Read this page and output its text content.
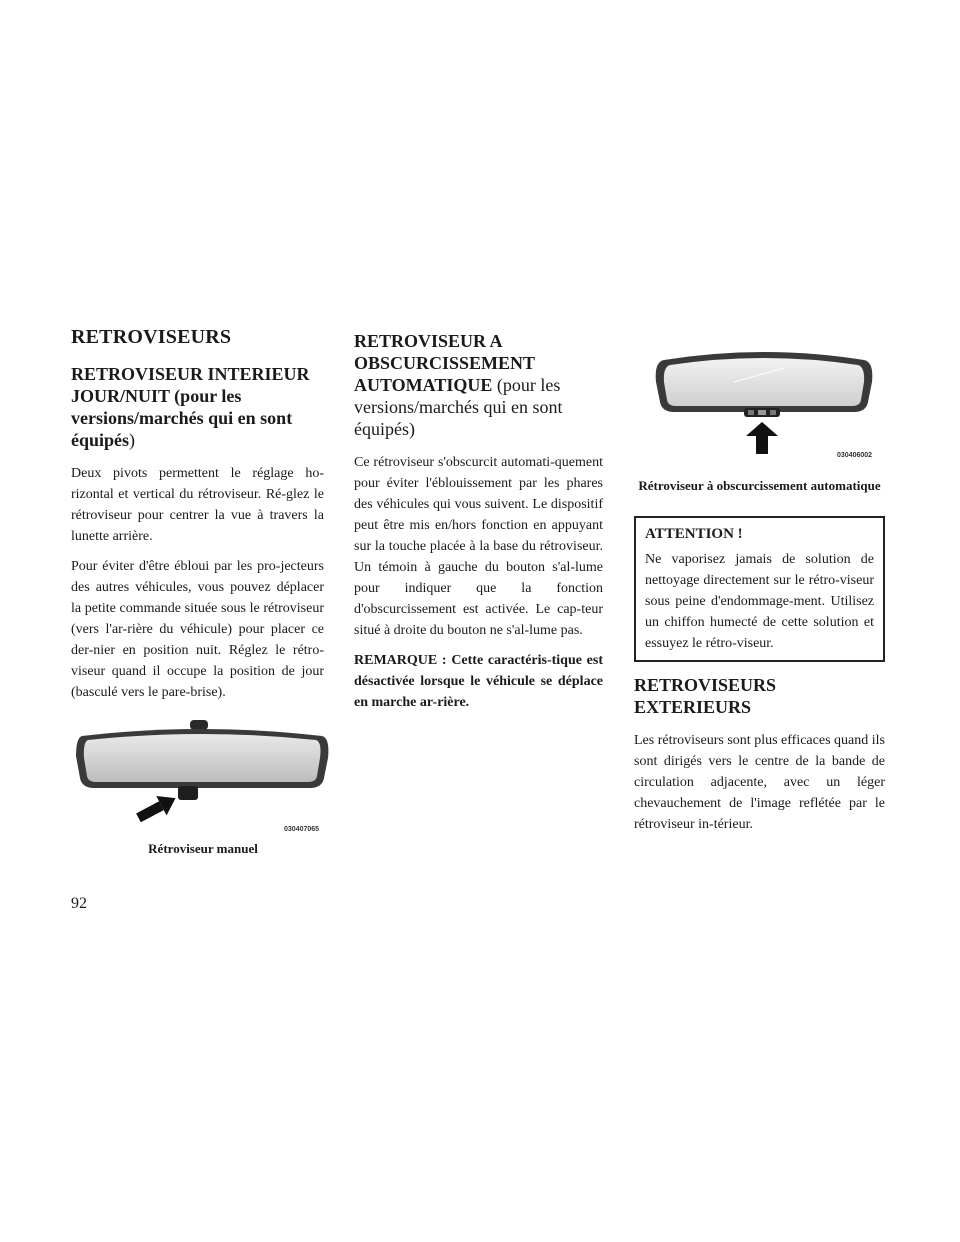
RETROVISEURS
RETROVISEUR INTERIEUR JOUR/NUIT (pour les versions/marchés qui en sont équipés)

Deux pivots permettent le réglage ho-rizontal et vertical du rétroviseur. Ré-glez le rétroviseur pour centrer la vue à travers la lunette arrière.

Pour éviter d'être ébloui par les pro-jecteurs des autres véhicules, vous pouvez déplacer la petite commande située sous le rétroviseur (vers l'ar-rière du véhicule) pour placer ce der-nier en position nuit. Réglez le rétro-viseur quand il occupe la position de jour (basculé vers le pare-brise).

030407065
Rétroviseur manuel
RETROVISEUR A OBSCURCISSEMENT AUTOMATIQUE (pour les versions/marchés qui en sont équipés)

Ce rétroviseur s'obscurcit automati-quement pour éviter l'éblouissement par les phares des véhicules qui vous suivent. Le dispositif peut être mis en/hors fonction en appuyant sur la touche placée à la base du rétroviseur. Un témoin à gauche du bouton s'al-lume pour indiquer que la fonction d'obscurcissement est activée. Le cap-teur situé à droite du bouton ne s'al-lume pas.

REMARQUE : Cette caractéris-tique est désactivée lorsque le véhicule se déplace en marche ar-rière.

030406002
Rétroviseur à obscurcissement automatique
ATTENTION !

Ne vaporisez jamais de solution de nettoyage directement sur le rétro-viseur sous peine d'endommage-ment. Utilisez un chiffon humecté de cette solution et essuyez le rétro-viseur.

RETROVISEURS EXTERIEURS

Les rétroviseurs sont plus efficaces quand ils sont dirigés vers le centre de la bande de circulation adjacente, avec un léger chevauchement de l'image reflétée par le rétroviseur in-térieur.

92
